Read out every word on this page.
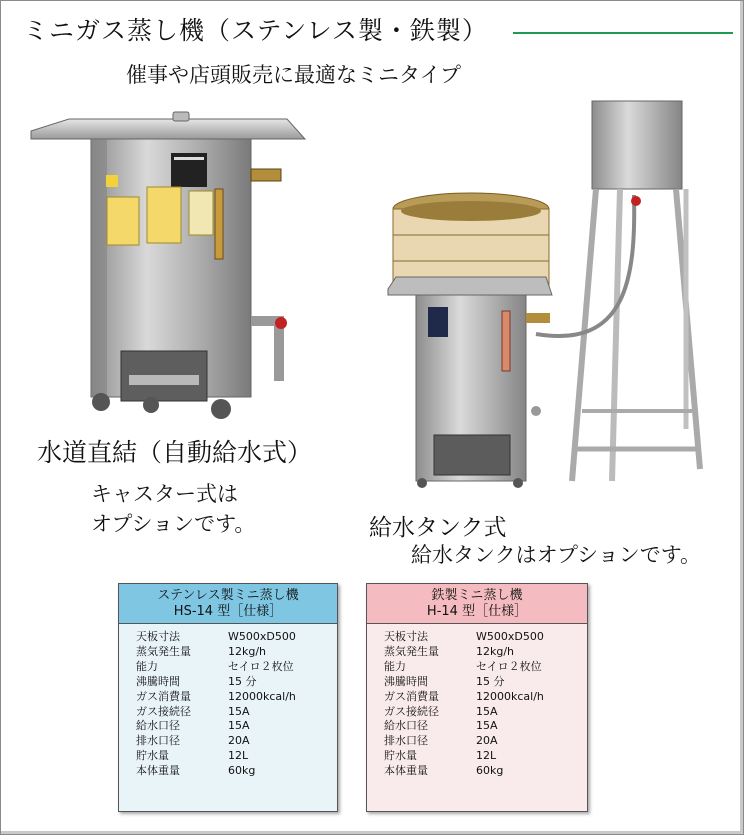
ミニガス蒸し機（ステンレス製・鉄製）
催事や店頭販売に最適なミニタイプ
水道直結（自動給水式）
キャスター式は
オプションです。	給水タンク式
給水タンクはオプションです。
ステンレス製ミニ蒸し機
HS-14 型［仕様］
天板寸法	W500xD500
蒸気発生量	12kg/h
能力	セイロ２枚位
沸騰時間	15 分
ガス消費量	12000kcal/h
ガス接続径	15A
給水口径	15A
排水口径	20A
貯水量	12L
本体重量	60kg
鉄製ミニ蒸し機
H-14 型［仕様］
天板寸法	W500xD500
蒸気発生量	12kg/h
能力	セイロ２枚位
沸騰時間	15 分
ガス消費量	12000kcal/h
ガス接続径	15A
給水口径	15A
排水口径	20A
貯水量	12L
本体重量	60kg
